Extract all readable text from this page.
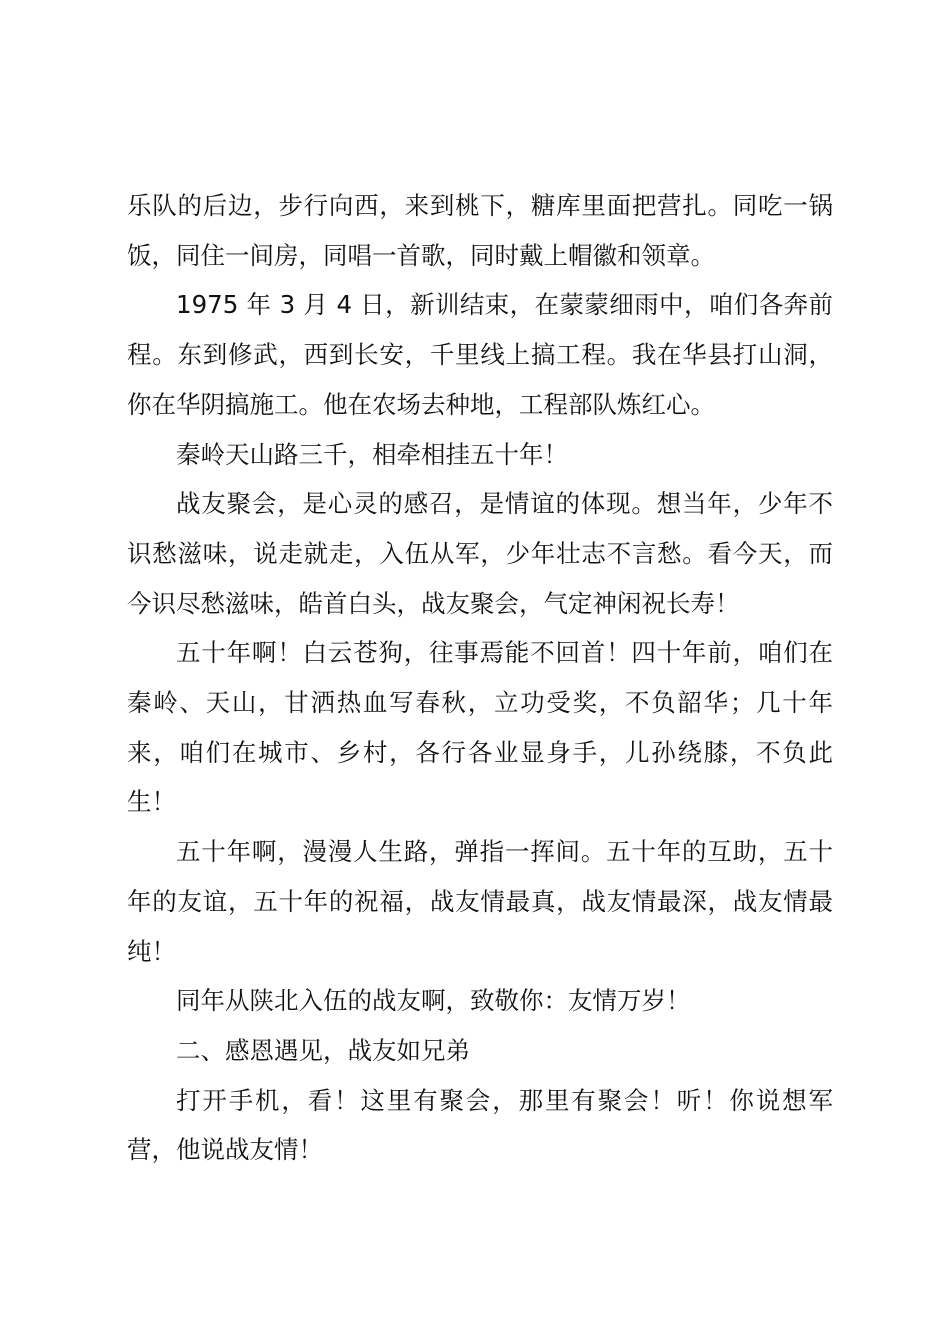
乐队的后边，步行向西，来到桃下，糖库里面把营扎。同吃一锅饭，同住一间房，同唱一首歌，同时戴上帽徽和领章。

1975 年 3 月 4 日，新训结束，在蒙蒙细雨中，咱们各奔前程。东到修武，西到长安，千里线上搞工程。我在华县打山洞，你在华阴搞施工。他在农场去种地，工程部队炼红心。

秦岭天山路三千，相牵相挂五十年！

战友聚会，是心灵的感召，是情谊的体现。想当年，少年不识愁滋味，说走就走，入伍从军，少年壮志不言愁。看今天，而今识尽愁滋味，皓首白头，战友聚会，气定神闲祝长寿！

五十年啊！白云苍狗，往事焉能不回首！四十年前，咱们在秦岭、天山，甘洒热血写春秋，立功受奖，不负韶华；几十年来，咱们在城市、乡村，各行各业显身手，儿孙绕膝，不负此生！

五十年啊，漫漫人生路，弹指一挥间。五十年的互助，五十年的友谊，五十年的祝福，战友情最真，战友情最深，战友情最纯！

同年从陕北入伍的战友啊，致敬你：友情万岁！

二、感恩遇见，战友如兄弟

打开手机，看！这里有聚会，那里有聚会！听！你说想军营，他说战友情！
